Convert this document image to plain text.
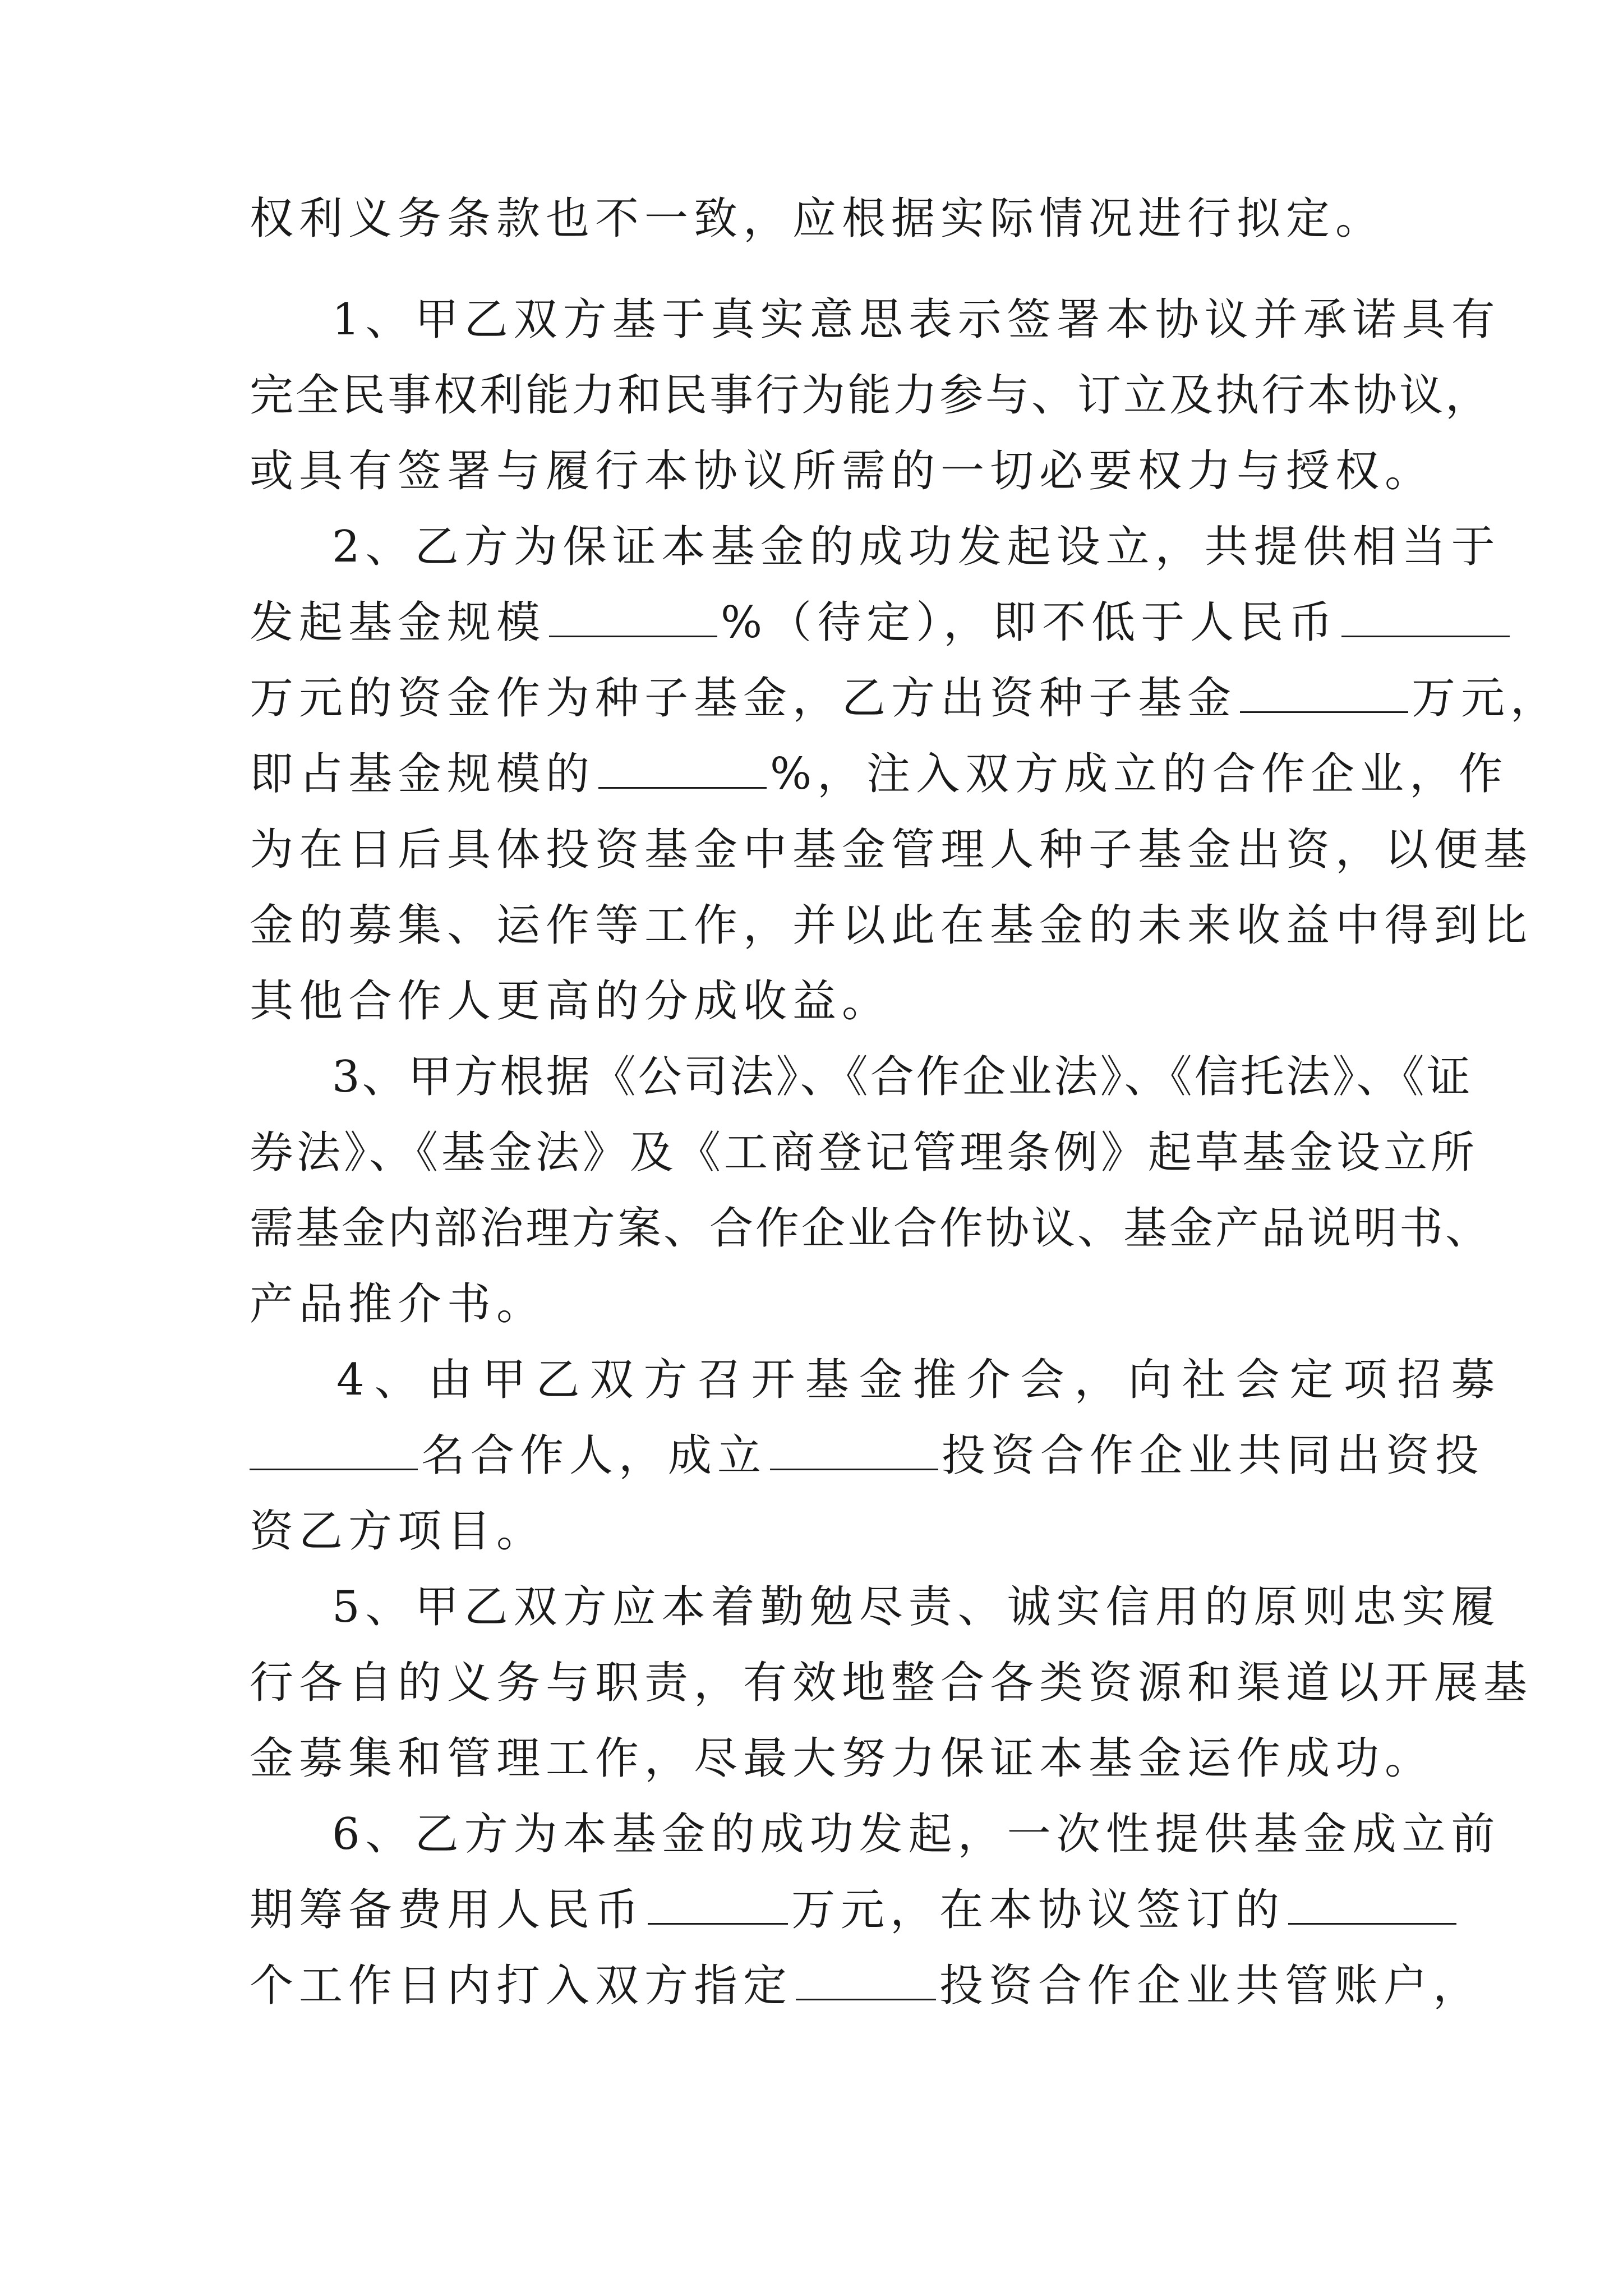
权利义务条款也不一致，应根据实际情况进行拟定。
1、甲乙双方基于真实意思表示签署本协议并承诺具有
完全民事权利能力和民事行为能力参与、订立及执行本协议，
或具有签署与履行本协议所需的一切必要权力与授权。
2、乙方为保证本基金的成功发起设立，共提供相当于
发起基金规模	%（待定），即不低于人民币
万元的资金作为种子基金，乙方出资种子基金	万元，
即占基金规模的	%，注入双方成立的合作企业，作
为在日后具体投资基金中基金管理人种子基金出资，以便基
金的募集、运作等工作，并以此在基金的未来收益中得到比
其他合作人更高的分成收益。
3、甲方根据《公司法》、《合作企业法》、《信托法》、《证
券法》、《基金法》及《工商登记管理条例》起草基金设立所
需基金内部治理方案、合作企业合作协议、基金产品说明书、
产品推介书。
4、由甲乙双方召开基金推介会，向社会定项招募
名合作人，成立	投资合作企业共同出资投
资乙方项目。
5、甲乙双方应本着勤勉尽责、诚实信用的原则忠实履
行各自的义务与职责，有效地整合各类资源和渠道以开展基
金募集和管理工作，尽最大努力保证本基金运作成功。
6、乙方为本基金的成功发起，一次性提供基金成立前
期筹备费用人民币	万元，在本协议签订的
个工作日内打入双方指定	投资合作企业共管账户，
